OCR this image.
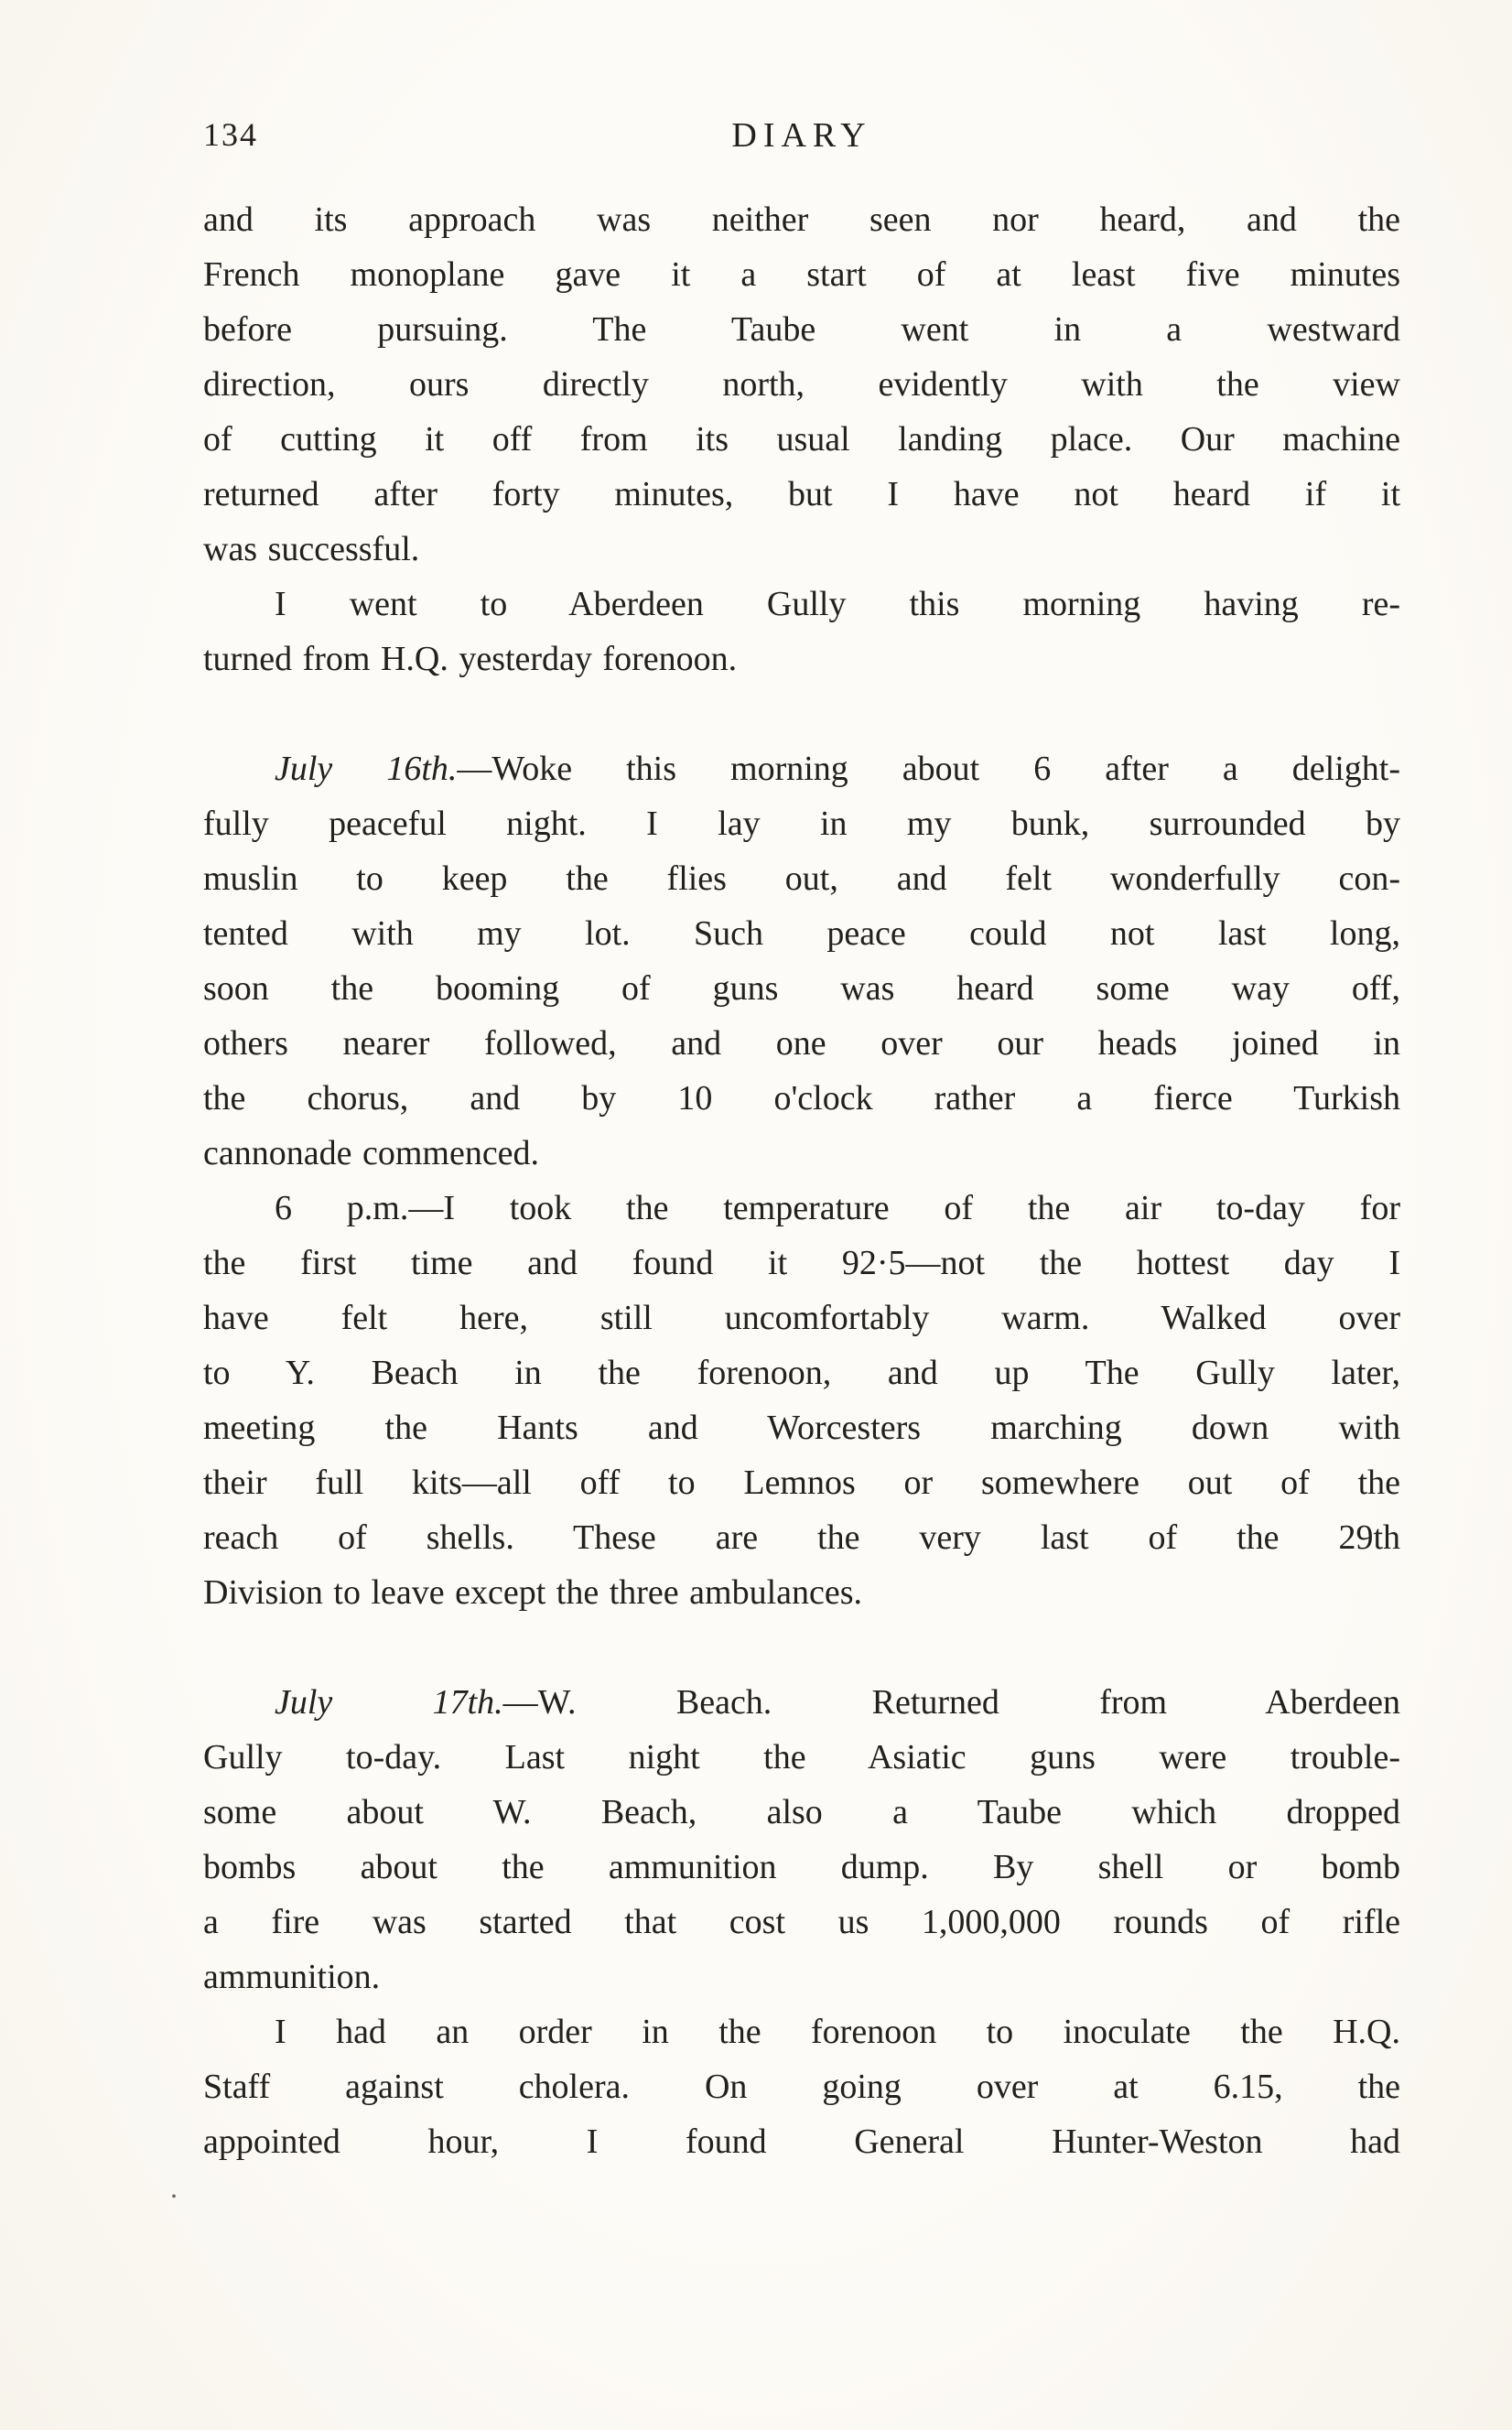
134	DIARY
and its approach was neither seen nor heard, and the
French monoplane gave it a start of at least five minutes
before pursuing. The Taube went in a westward
direction, ours directly north, evidently with the view
of cutting it off from its usual landing place. Our machine
returned after forty minutes, but I have not heard if it
was successful.
I went to Aberdeen Gully this morning having re-
turned from H.Q. yesterday forenoon.
July 16th.—Woke this morning about 6 after a delight-
fully peaceful night. I lay in my bunk, surrounded by
muslin to keep the flies out, and felt wonderfully con-
tented with my lot. Such peace could not last long,
soon the booming of guns was heard some way off,
others nearer followed, and one over our heads joined in
the chorus, and by 10 o'clock rather a fierce Turkish
cannonade commenced.
6 p.m.—I took the temperature of the air to-day for
the first time and found it 92·5—not the hottest day I
have felt here, still uncomfortably warm. Walked over
to Y. Beach in the forenoon, and up The Gully later,
meeting the Hants and Worcesters marching down with
their full kits—all off to Lemnos or somewhere out of the
reach of shells. These are the very last of the 29th
Division to leave except the three ambulances.
July 17th.—W. Beach. Returned from Aberdeen
Gully to-day. Last night the Asiatic guns were trouble-
some about W. Beach, also a Taube which dropped
bombs about the ammunition dump. By shell or bomb
a fire was started that cost us 1,000,000 rounds of rifle
ammunition.
I had an order in the forenoon to inoculate the H.Q.
Staff against cholera. On going over at 6.15, the
appointed hour, I found General Hunter-Weston had
.
